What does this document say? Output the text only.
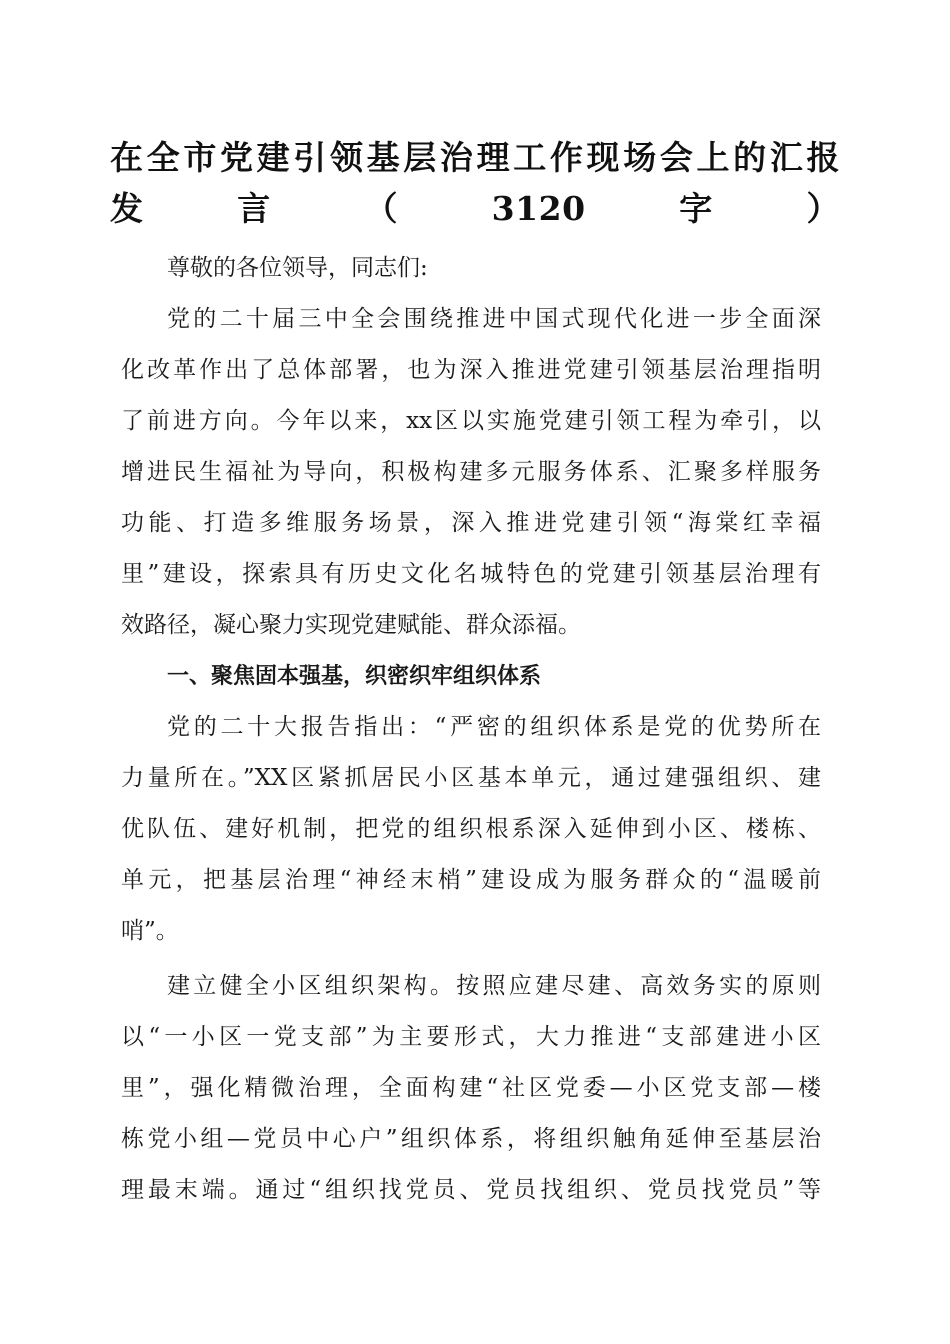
在全市党建引领基层治理工作现场会上的汇报
发言（3120字）
尊敬的各位领导，同志们:
党的二十届三中全会围绕推进中国式现代化进一步全面深
化改革作出了总体部署，也为深入推进党建引领基层治理指明
了前进方向。今年以来，xx区以实施党建引领工程为牵引，以
增进民生福祉为导向，积极构建多元服务体系、汇聚多样服务
功能、打造多维服务场景，深入推进党建引领“海棠红幸福
里”建设，探索具有历史文化名城特色的党建引领基层治理有
效路径，凝心聚力实现党建赋能、群众添福。
一、聚焦固本强基，织密织牢组织体系
党的二十大报告指出：“严密的组织体系是党的优势所在
力量所在。”XX区紧抓居民小区基本单元，通过建强组织、建
优队伍、建好机制，把党的组织根系深入延伸到小区、楼栋、
单元，把基层治理“神经末梢”建设成为服务群众的“温暖前
哨”。
建立健全小区组织架构。按照应建尽建、高效务实的原则
以“一小区一党支部”为主要形式，大力推进“支部建进小区
里”，强化精微治理，全面构建“社区党委—小区党支部—楼
栋党小组—党员中心户”组织体系，将组织触角延伸至基层治
理最末端。通过“组织找党员、党员找组织、党员找党员”等
